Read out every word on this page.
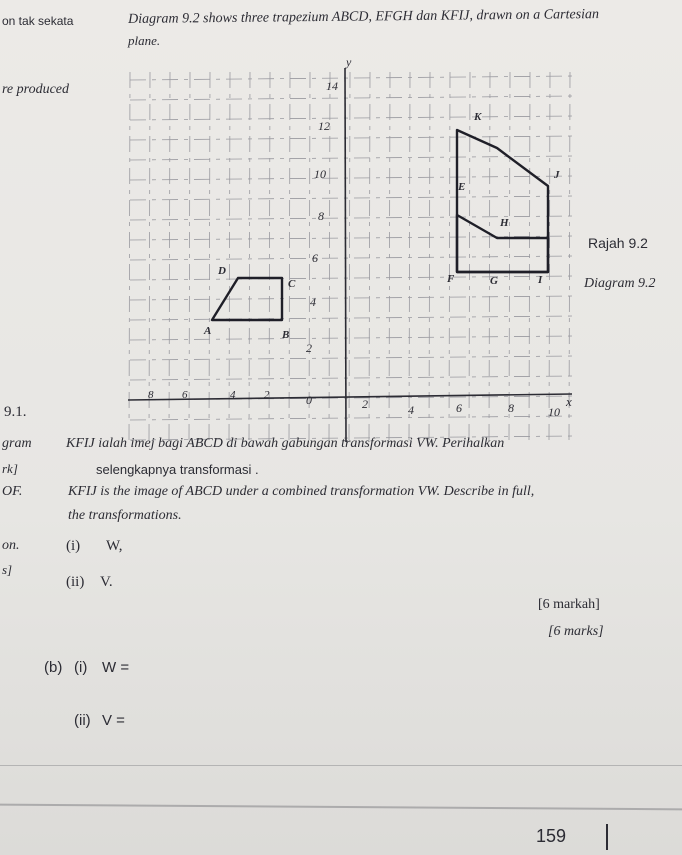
on tak sekata
re produced
9.1.
gram
rk]
OF.
on.
s]
Diagram 9.2 shows three trapezium ABCD, EFGH dan KFIJ, drawn on a Cartesian
plane.
x
y
14
12
10
8
6
4
2
8	6	4	2	0	2	4	6	8	10
A	B
C
D
E
F	G
H
I
J
K
Rajah 9.2
Diagram 9.2
KFIJ ialah imej bagi ABCD di bawah gabungan transformasi VW. Perihalkan
selengkapnya transformasi .
KFIJ is the image of ABCD under a combined transformation VW. Describe in full,
the transformations.
(i) W,
(ii) V.
[6 markah]
[6 marks]
(b) (i) W =
(ii) V =
159
